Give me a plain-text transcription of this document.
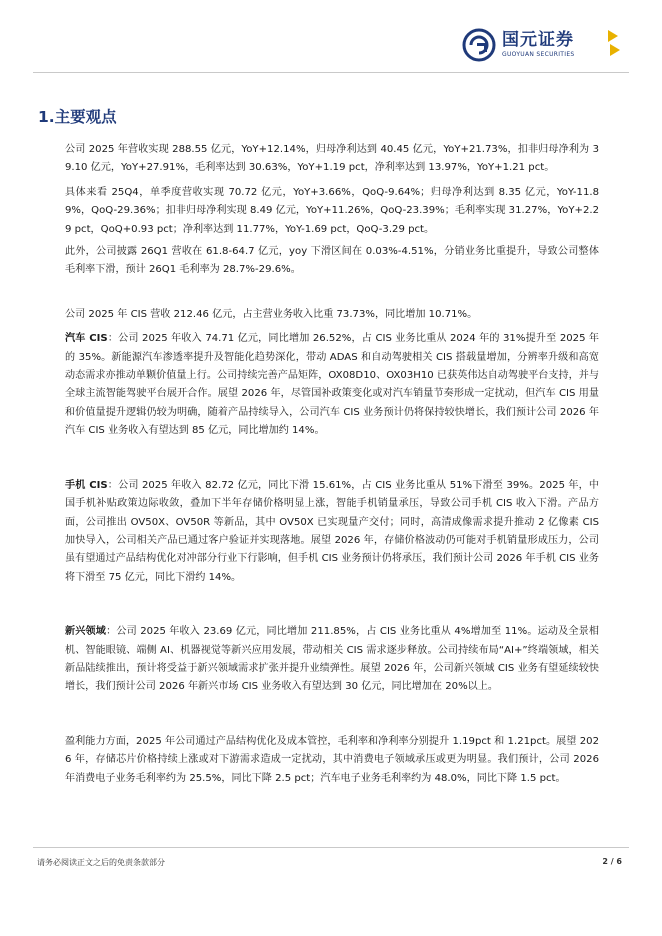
国元证券
GUOYUAN SECURITIES
1.主要观点

公司 2025 年营收实现 288.55 亿元，YoY+12.14%，归母净利达到 40.45 亿元，YoY+21.73%，扣非归母净利为 39.10 亿元，YoY+27.91%，毛利率达到 30.63%，YoY+1.19 pct，净利率达到 13.97%，YoY+1.21 pct。

具体来看 25Q4，单季度营收实现 70.72 亿元，YoY+3.66%，QoQ-9.64%；归母净利达到 8.35 亿元，YoY-11.89%，QoQ-29.36%；扣非归母净利实现 8.49 亿元，YoY+11.26%，QoQ-23.39%；毛利率实现 31.27%，YoY+2.29 pct，QoQ+0.93 pct；净利率达到 11.77%，YoY-1.69 pct，QoQ-3.29 pct。

此外，公司披露 26Q1 营收在 61.8-64.7 亿元，yoy 下滑区间在 0.03%-4.51%，分销业务比重提升，导致公司整体毛利率下滑，预计 26Q1 毛利率为 28.7%-29.6%。

公司 2025 年 CIS 营收 212.46 亿元，占主营业务收入比重 73.73%，同比增加 10.71%。

汽车 CIS：公司 2025 年收入 74.71 亿元，同比增加 26.52%，占 CIS 业务比重从 2024 年的 31%提升至 2025 年的 35%。新能源汽车渗透率提升及智能化趋势深化，带动 ADAS 和自动驾驶相关 CIS 搭载量增加，分辨率升级和高宽动态需求亦推动单颗价值量上行。公司持续完善产品矩阵，OX08D10、OX03H10 已获英伟达自动驾驶平台支持，并与全球主流智能驾驶平台展开合作。展望 2026 年，尽管国补政策变化或对汽车销量节奏形成一定扰动，但汽车 CIS 用量和价值量提升逻辑仍较为明确，随着产品持续导入，公司汽车 CIS 业务预计仍将保持较快增长，我们预计公司 2026 年汽车 CIS 业务收入有望达到 85 亿元，同比增加约 14%。

手机 CIS：公司 2025 年收入 82.72 亿元，同比下滑 15.61%，占 CIS 业务比重从 51%下滑至 39%。2025 年，中国手机补贴政策边际收敛，叠加下半年存储价格明显上涨，智能手机销量承压，导致公司手机 CIS 收入下滑。产品方面，公司推出 OV50X、OV50R 等新品，其中 OV50X 已实现量产交付；同时，高清成像需求提升推动 2 亿像素 CIS 加快导入，公司相关产品已通过客户验证并实现落地。展望 2026 年，存储价格波动仍可能对手机销量形成压力，公司虽有望通过产品结构优化对冲部分行业下行影响，但手机 CIS 业务预计仍将承压，我们预计公司 2026 年手机 CIS 业务将下滑至 75 亿元，同比下滑约 14%。

新兴领域：公司 2025 年收入 23.69 亿元，同比增加 211.85%，占 CIS 业务比重从 4%增加至 11%。运动及全景相机、智能眼镜、端侧 AI、机器视觉等新兴应用发展，带动相关 CIS 需求逐步释放。公司持续布局“AI+”终端领域，相关新品陆续推出，预计将受益于新兴领域需求扩张并提升业绩弹性。展望 2026 年，公司新兴领域 CIS 业务有望延续较快增长，我们预计公司 2026 年新兴市场 CIS 业务收入有望达到 30 亿元，同比增加在 20%以上。

盈利能力方面，2025 年公司通过产品结构优化及成本管控，毛利率和净利率分别提升 1.19pct 和 1.21pct。展望 2026 年，存储芯片价格持续上涨或对下游需求造成一定扰动，其中消费电子领域承压或更为明显。我们预计，公司 2026 年消费电子业务毛利率约为 25.5%，同比下降 2.5 pct；汽车电子业务毛利率约为 48.0%，同比下降 1.5 pct。

请务必阅读正文之后的免责条款部分	2 / 6
